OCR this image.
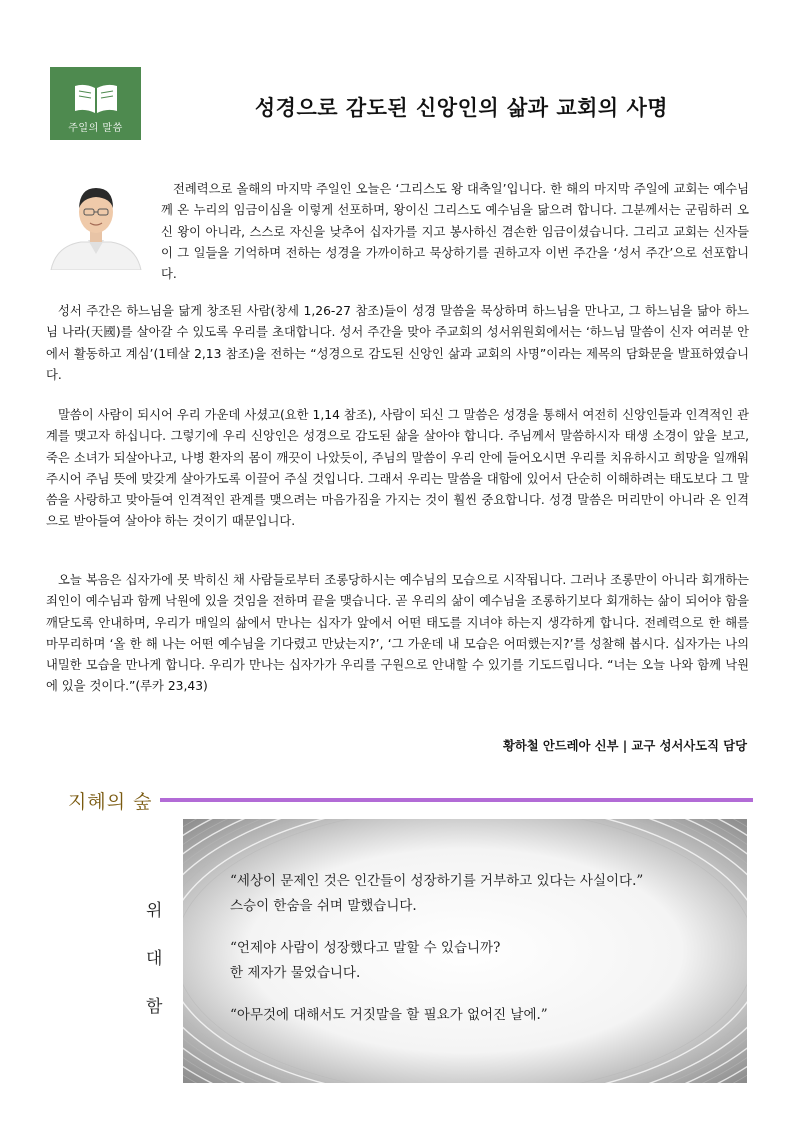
주일의 말씀
성경으로 감도된 신앙인의 삶과 교회의 사명

전례력으로 올해의 마지막 주일인 오늘은 ‘그리스도 왕 대축일’입니다. 한 해의 마지막 주일에 교회는 예수님께 온 누리의 임금이심을 이렇게 선포하며, 왕이신 그리스도 예수님을 닮으려 합니다. 그분께서는 군림하러 오신 왕이 아니라, 스스로 자신을 낮추어 십자가를 지고 봉사하신 겸손한 임금이셨습니다. 그리고 교회는 신자들이 그 일들을 기억하며 전하는 성경을 가까이하고 묵상하기를 권하고자 이번 주간을 ‘성서 주간’으로 선포합니다.

성서 주간은 하느님을 닮게 창조된 사람(창세 1,26-27 참조)들이 성경 말씀을 묵상하며 하느님을 만나고, 그 하느님을 닮아 하느님 나라(天國)를 살아갈 수 있도록 우리를 초대합니다. 성서 주간을 맞아 주교회의 성서위원회에서는 ‘하느님 말씀이 신자 여러분 안에서 활동하고 계심’(1테살 2,13 참조)을 전하는 “성경으로 감도된 신앙인 삶과 교회의 사명”이라는 제목의 담화문을 발표하였습니다.

말씀이 사람이 되시어 우리 가운데 사셨고(요한 1,14 참조), 사람이 되신 그 말씀은 성경을 통해서 여전히 신앙인들과 인격적인 관계를 맺고자 하십니다. 그렇기에 우리 신앙인은 성경으로 감도된 삶을 살아야 합니다. 주님께서 말씀하시자 태생 소경이 앞을 보고, 죽은 소녀가 되살아나고, 나병 환자의 몸이 깨끗이 나았듯이, 주님의 말씀이 우리 안에 들어오시면 우리를 치유하시고 희망을 일깨워 주시어 주님 뜻에 맞갖게 살아가도록 이끌어 주실 것입니다. 그래서 우리는 말씀을 대함에 있어서 단순히 이해하려는 태도보다 그 말씀을 사랑하고 맞아들여 인격적인 관계를 맺으려는 마음가짐을 가지는 것이 훨씬 중요합니다. 성경 말씀은 머리만이 아니라 온 인격으로 받아들여 살아야 하는 것이기 때문입니다.

오늘 복음은 십자가에 못 박히신 채 사람들로부터 조롱당하시는 예수님의 모습으로 시작됩니다. 그러나 조롱만이 아니라 회개하는 죄인이 예수님과 함께 낙원에 있을 것임을 전하며 끝을 맺습니다. 곧 우리의 삶이 예수님을 조롱하기보다 회개하는 삶이 되어야 함을 깨닫도록 안내하며, 우리가 매일의 삶에서 만나는 십자가 앞에서 어떤 태도를 지녀야 하는지 생각하게 합니다. 전례력으로 한 해를 마무리하며 ‘올 한 해 나는 어떤 예수님을 기다렸고 만났는지?’, ‘그 가운데 내 모습은 어떠했는지?’를 성찰해 봅시다. 십자가는 나의 내밀한 모습을 만나게 합니다. 우리가 만나는 십자가가 우리를 구원으로 안내할 수 있기를 기도드립니다. “너는 오늘 나와 함께 낙원에 있을 것이다.”(루카 23,43)

황하철 안드레아 신부 | 교구 성서사도직 담당
지혜의 숲
위
대
함
“세상이 문제인 것은 인간들이 성장하기를 거부하고 있다는 사실이다.”
스승이 한숨을 쉬며 말했습니다.
“언제야 사람이 성장했다고 말할 수 있습니까?
한 제자가 물었습니다.
“아무것에 대해서도 거짓말을 할 필요가 없어진 날에.”
